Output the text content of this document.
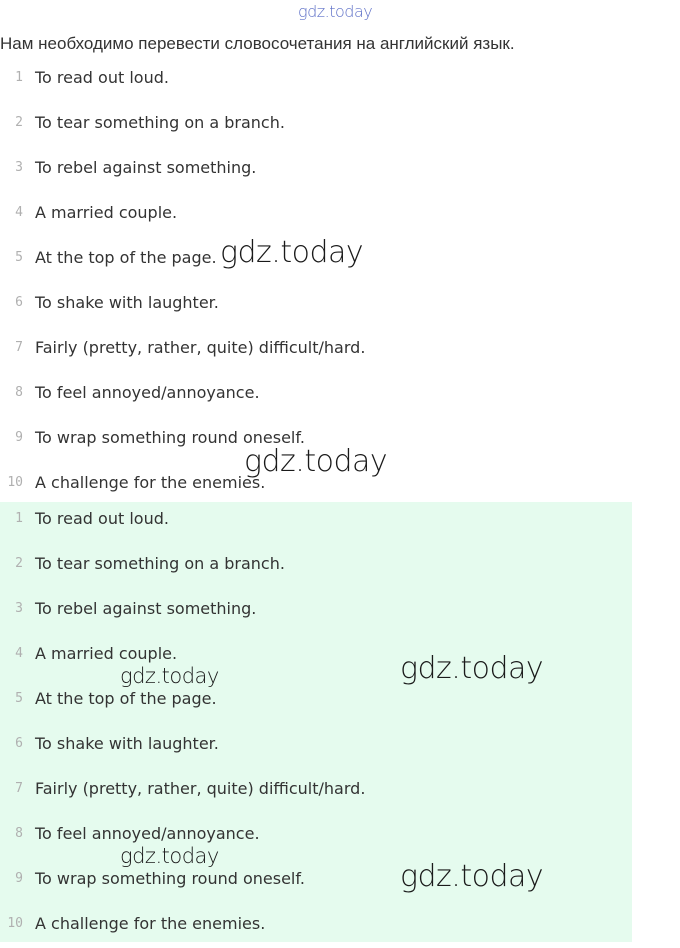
gdz.today
Нам необходимо перевести словосочетания на английский язык.
1 To read out loud.
2 To tear something on a branch.
3 To rebel against something.
4 A married couple.
5 At the top of the page.
6 To shake with laughter.
7 Fairly (pretty, rather, quite) difficult/hard.
8 To feel annoyed/annoyance.
9 To wrap something round oneself.
10 A challenge for the enemies.
1 To read out loud.
2 To tear something on a branch.
3 To rebel against something.
4 A married couple.
5 At the top of the page.
6 To shake with laughter.
7 Fairly (pretty, rather, quite) difficult/hard.
8 To feel annoyed/annoyance.
9 To wrap something round oneself.
10 A challenge for the enemies.
gdz.today
gdz.today
gdz.today
gdz.today
gdz.today
gdz.today
